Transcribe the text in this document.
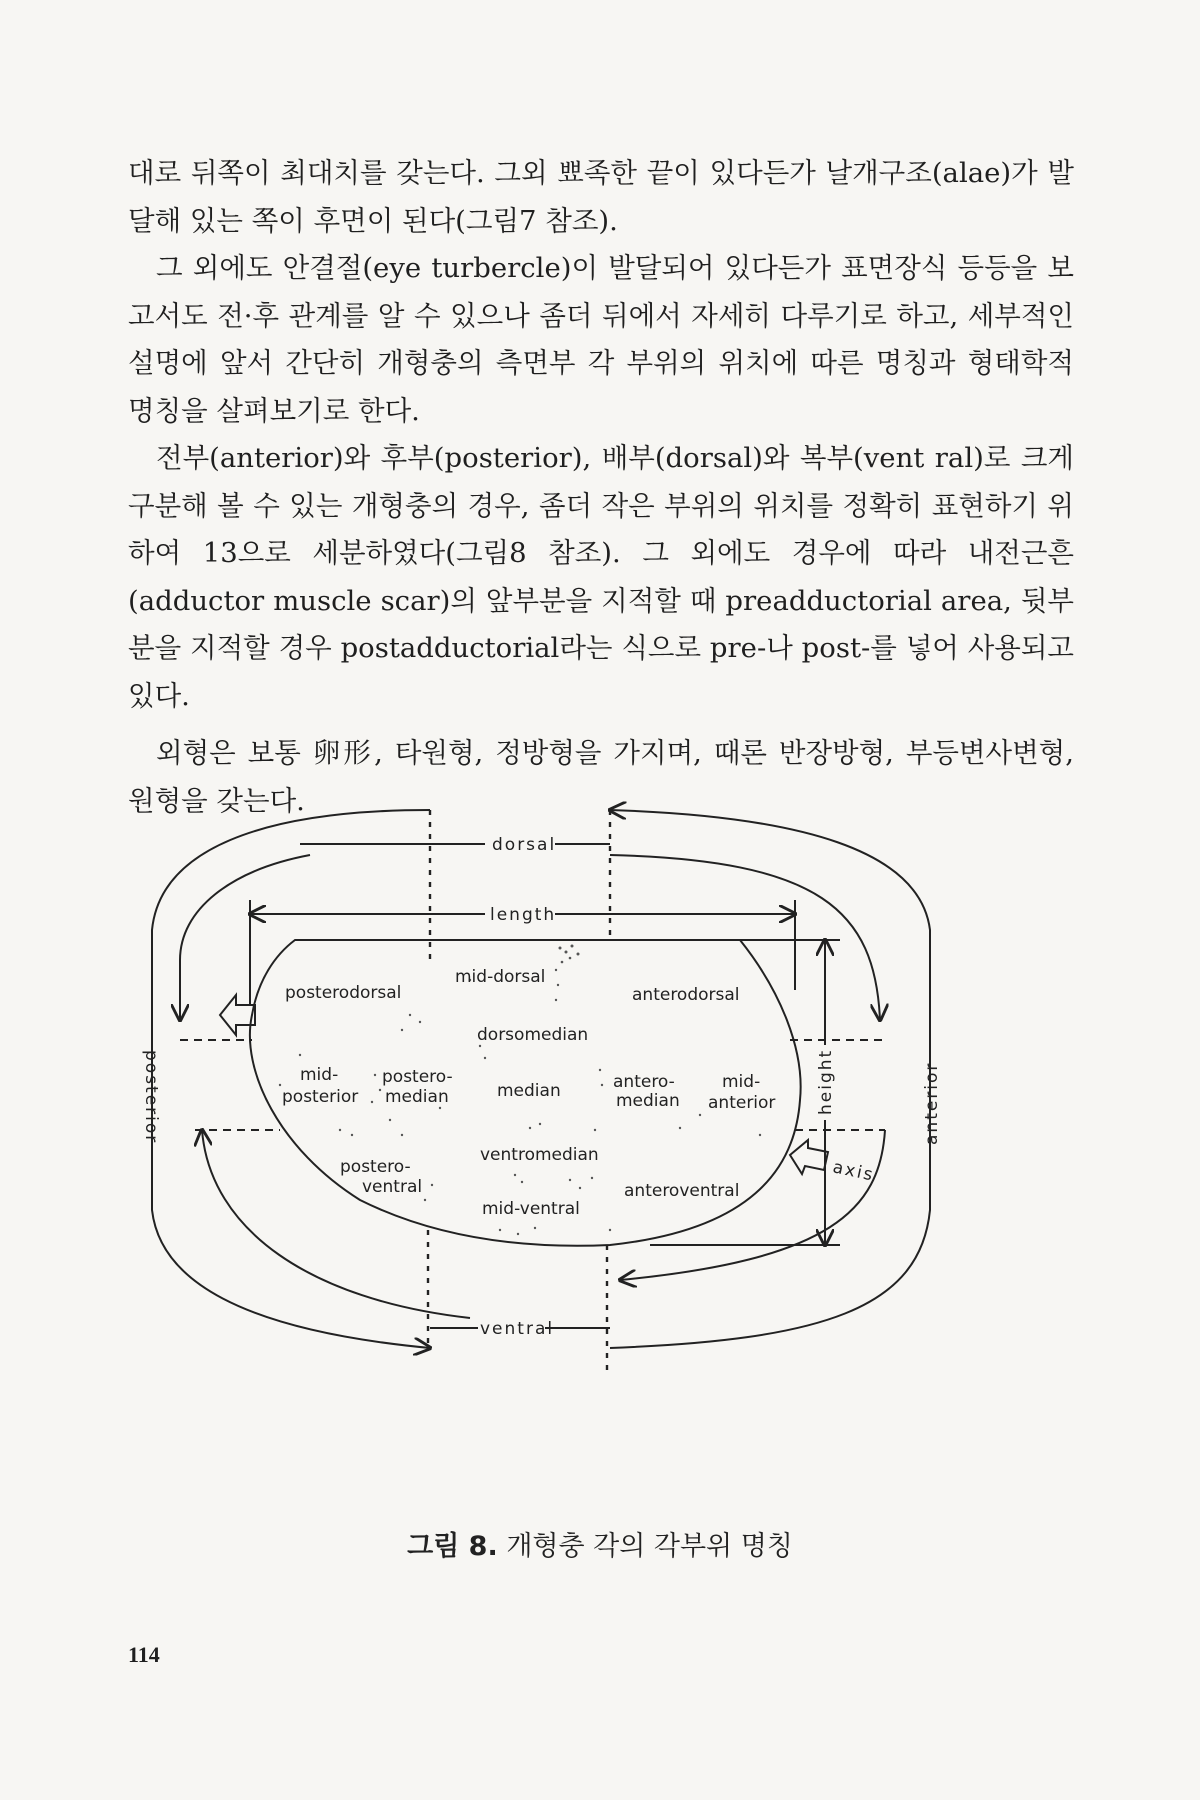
대로 뒤쪽이 최대치를 갖는다. 그외 뾰족한 끝이 있다든가 날개구조(alae)가 발달해 있는 쪽이 후면이 된다(그림7 참조).

그 외에도 안결절(eye turbercle)이 발달되어 있다든가 표면장식 등등을 보고서도 전·후 관계를 알 수 있으나 좀더 뒤에서 자세히 다루기로 하고, 세부적인 설명에 앞서 간단히 개형충의 측면부 각 부위의 위치에 따른 명칭과 형태학적 명칭을 살펴보기로 한다.

전부(anterior)와 후부(posterior), 배부(dorsal)와 복부(vent ral)로 크게 구분해 볼 수 있는 개형충의 경우, 좀더 작은 부위의 위치를 정확히 표현하기 위하여 13으로 세분하였다(그림8 참조). 그 외에도 경우에 따라 내전근흔(adductor muscle scar)의 앞부분을 지적할 때 preadductorial area, 뒷부분을 지적할 경우 postadductorial라는 식으로 pre-나 post-를 넣어 사용되고 있다.

외형은 보통 卵形, 타원형, 정방형을 가지며, 때론 반장방형, 부등변사변형, 원형을 갖는다.

dorsal
length
posterodorsal
mid-dorsal
anterodorsal
dorsomedian
mid-
posterior
postero-
median	median	antero-
median
mid-
anterior
ventromedian
postero-
ventral	anteroventral
mid-ventral
ventral
posterior	anterior
height
axis
그림 8. 개형충 각의 각부위 명칭
114
